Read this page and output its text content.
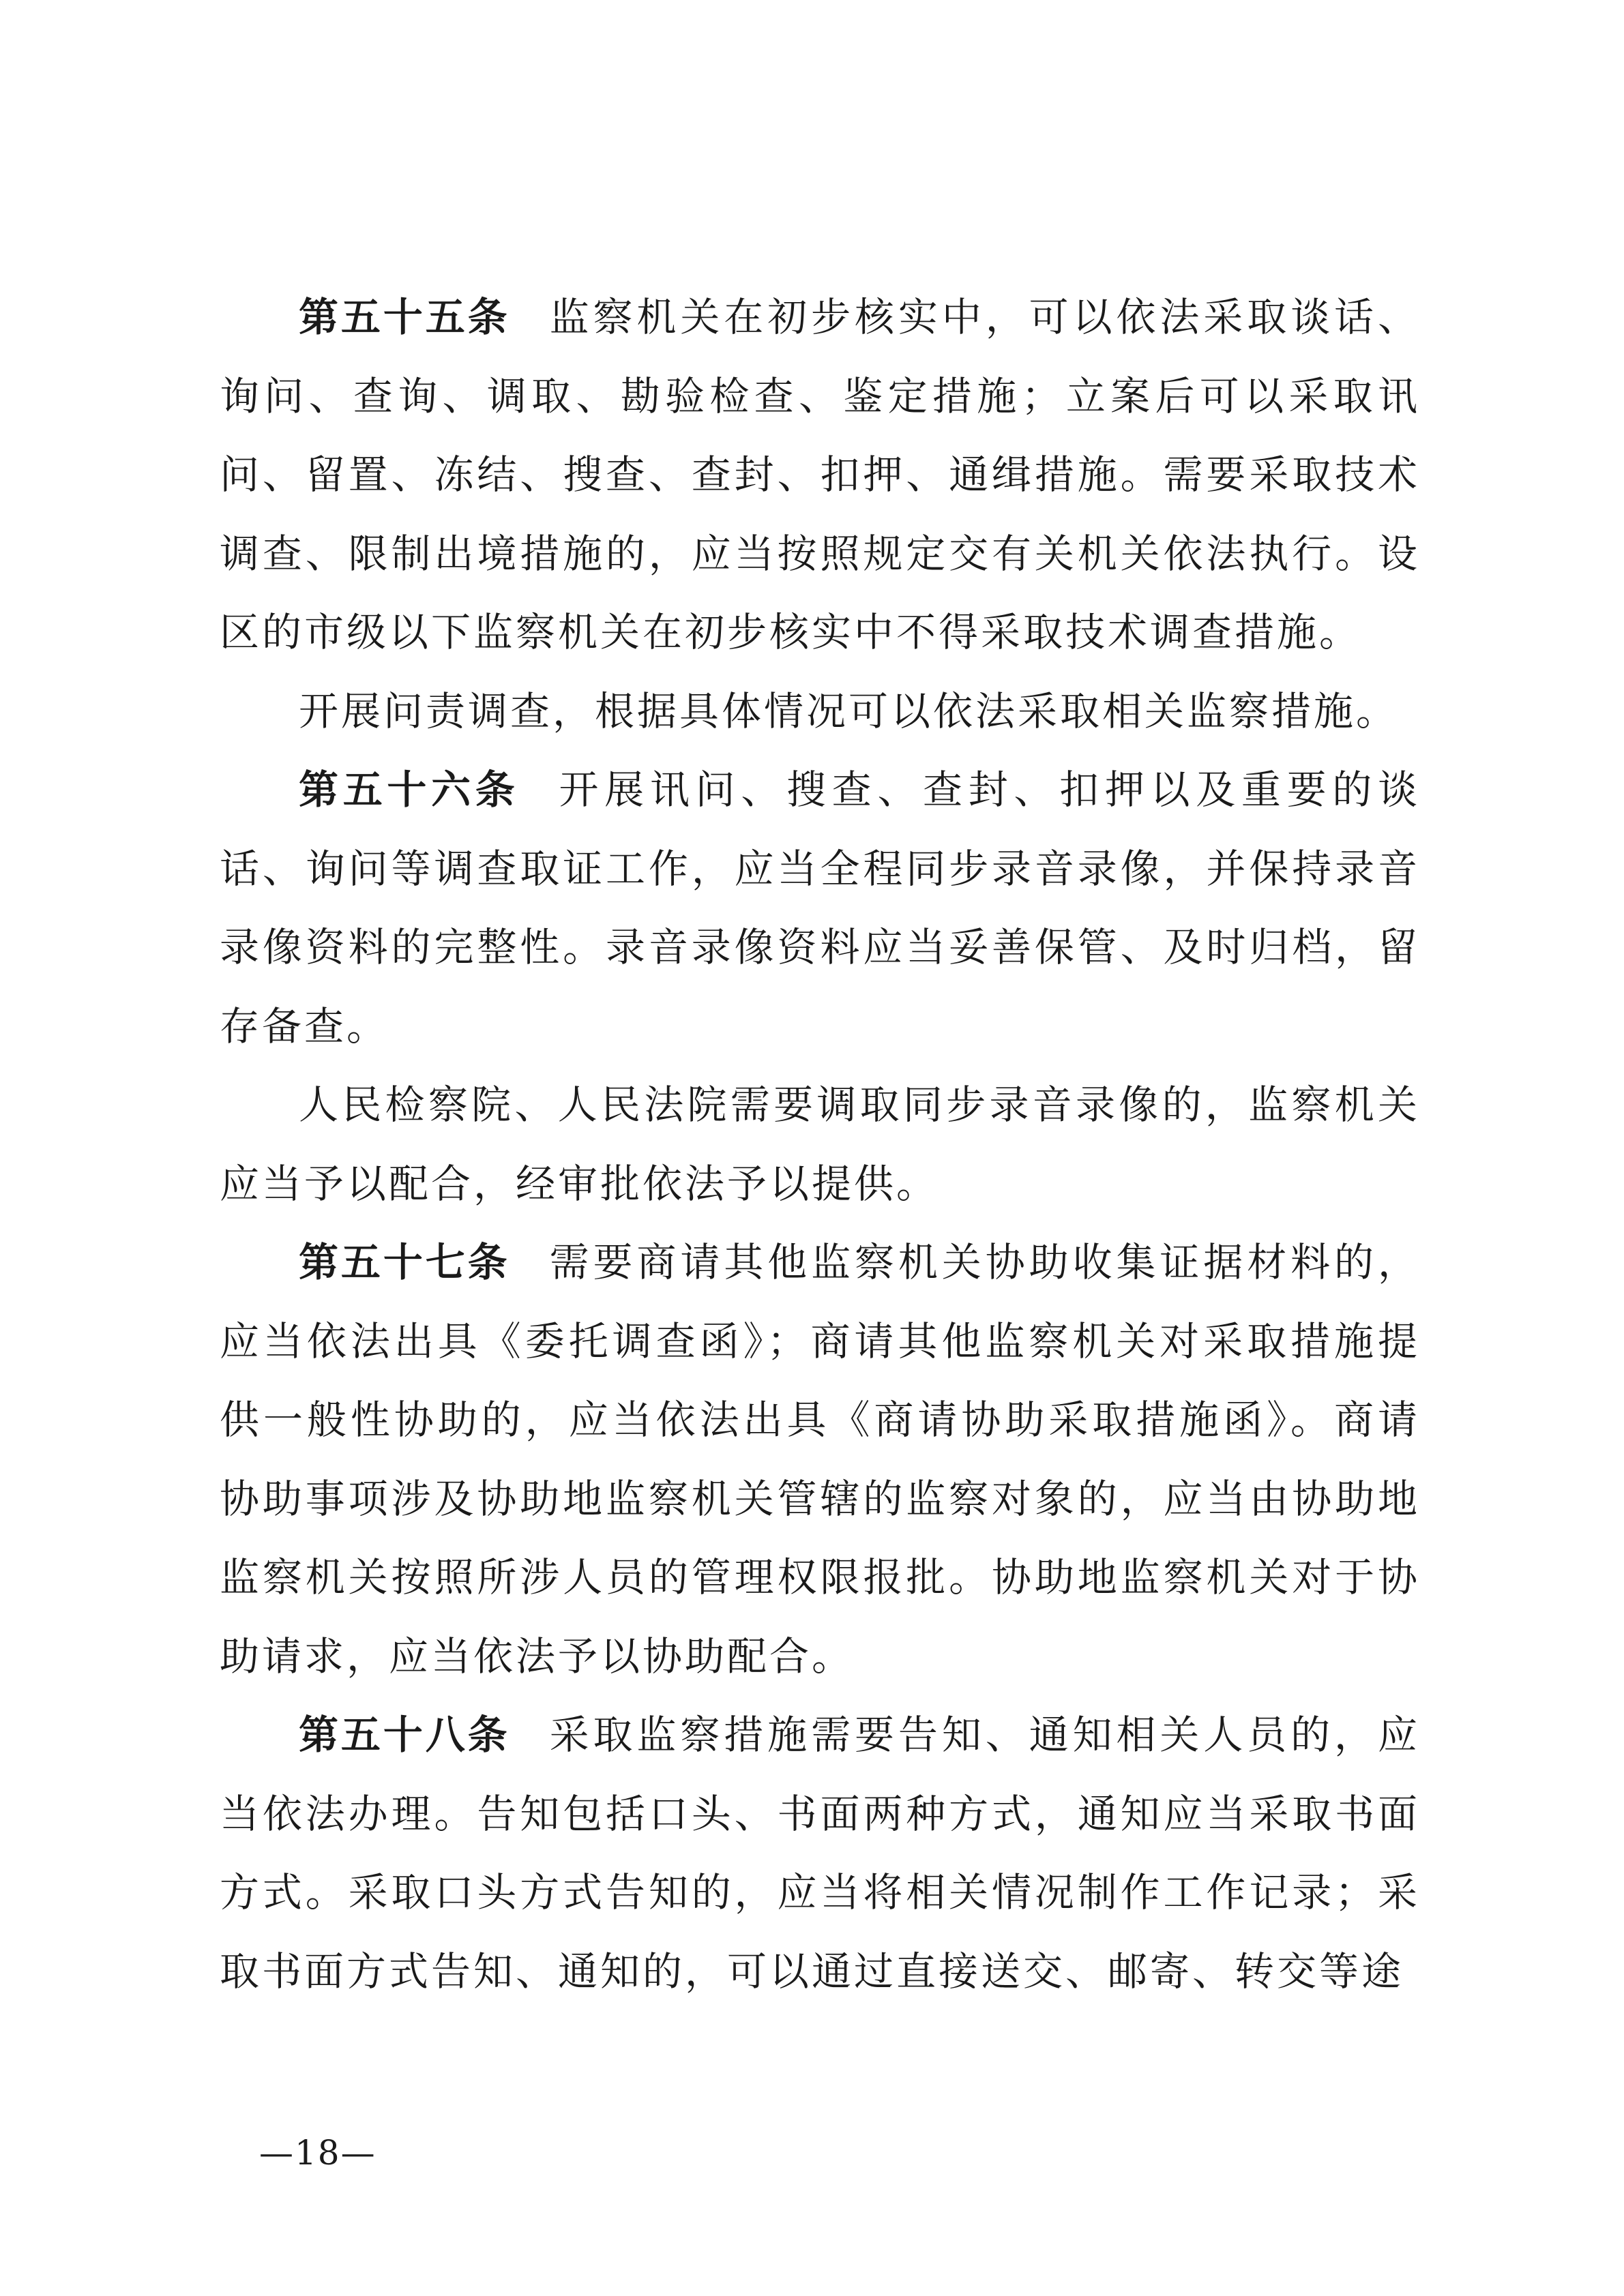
第五十五条 监察机关在初步核实中，可以依法采取谈话、询问、查询、调取、勘验检查、鉴定措施；立案后可以采取讯问、留置、冻结、搜查、查封、扣押、通缉措施。需要采取技术调查、限制出境措施的，应当按照规定交有关机关依法执行。设区的市级以下监察机关在初步核实中不得采取技术调查措施。

开展问责调查，根据具体情况可以依法采取相关监察措施。

第五十六条 开展讯问、搜查、查封、扣押以及重要的谈话、询问等调查取证工作，应当全程同步录音录像，并保持录音录像资料的完整性。录音录像资料应当妥善保管、及时归档，留存备查。

人民检察院、人民法院需要调取同步录音录像的，监察机关应当予以配合，经审批依法予以提供。

第五十七条 需要商请其他监察机关协助收集证据材料的，应当依法出具《委托调查函》；商请其他监察机关对采取措施提供一般性协助的，应当依法出具《商请协助采取措施函》。商请协助事项涉及协助地监察机关管辖的监察对象的，应当由协助地监察机关按照所涉人员的管理权限报批。协助地监察机关对于协助请求，应当依法予以协助配合。

第五十八条 采取监察措施需要告知、通知相关人员的，应当依法办理。告知包括口头、书面两种方式，通知应当采取书面方式。采取口头方式告知的，应当将相关情况制作工作记录；采取书面方式告知、通知的，可以通过直接送交、邮寄、转交等途

—18—
